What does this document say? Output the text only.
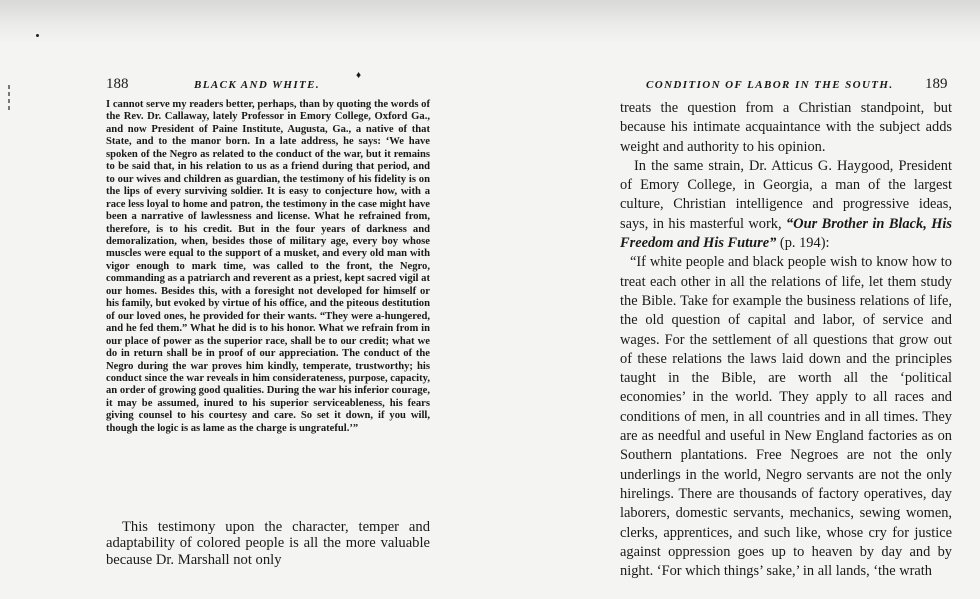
188	BLACK AND WHITE.
♦

I cannot serve my readers better, perhaps, than by quoting the words of the Rev. Dr. Callaway, lately Professor in Emory College, Oxford Ga., and now President of Paine Institute, Augusta, Ga., a native of that State, and to the manor born. In a late address, he says: ‘We have spoken of the Negro as related to the conduct of the war, but it remains to be said that, in his relation to us as a friend during that period, and to our wives and children as guardian, the testimony of his fidelity is on the lips of every surviving soldier. It is easy to conjecture how, with a race less loyal to home and patron, the testimony in the case might have been a narrative of lawlessness and license. What he refrained from, therefore, is to his credit. But in the four years of darkness and demoralization, when, besides those of military age, every boy whose muscles were equal to the support of a musket, and every old man with vigor enough to mark time, was called to the front, the Negro, commanding as a patriarch and reverent as a priest, kept sacred vigil at our homes. Besides this, with a foresight not developed for himself or his family, but evoked by virtue of his office, and the piteous destitution of our loved ones, he provided for their wants. “They were a-hungered, and he fed them.” What he did is to his honor. What we refrain from in our place of power as the superior race, shall be to our credit; what we do in return shall be in proof of our appreciation. The conduct of the Negro during the war proves him kindly, temperate, trustworthy; his conduct since the war reveals in him considerateness, purpose, capacity, an order of growing good qualities. During the war his inferior courage, it may be assumed, inured to his superior serviceableness, his fears giving counsel to his courtesy and care. So set it down, if you will, though the logic is as lame as the charge is ungrateful.’”

This testimony upon the character, temper and adaptability of colored people is all the more valuable because Dr. Marshall not only

CONDITION OF LABOR IN THE SOUTH. 189

treats the question from a Christian standpoint, but because his intimate acquaintance with the subject adds weight and authority to his opinion.

In the same strain, Dr. Atticus G. Haygood, President of Emory College, in Georgia, a man of the largest culture, Christian intelligence and progressive ideas, says, in his masterful work, “Our Brother in Black, His Freedom and His Future” (p. 194):

“If white people and black people wish to know how to treat each other in all the relations of life, let them study the Bible. Take for example the business relations of life, the old question of capital and labor, of service and wages. For the settlement of all questions that grow out of these relations the laws laid down and the principles taught in the Bible, are worth all the ‘political economies’ in the world. They apply to all races and conditions of men, in all countries and in all times. They are as needful and useful in New England factories as on Southern plantations. Free Negroes are not the only underlings in the world, Negro servants are not the only hirelings. There are thousands of factory operatives, day laborers, domestic servants, mechanics, sewing women, clerks, apprentices, and such like, whose cry for justice against oppression goes up to heaven by day and by night. ‘For which things’ sake,’ in all lands, ‘the wrath
